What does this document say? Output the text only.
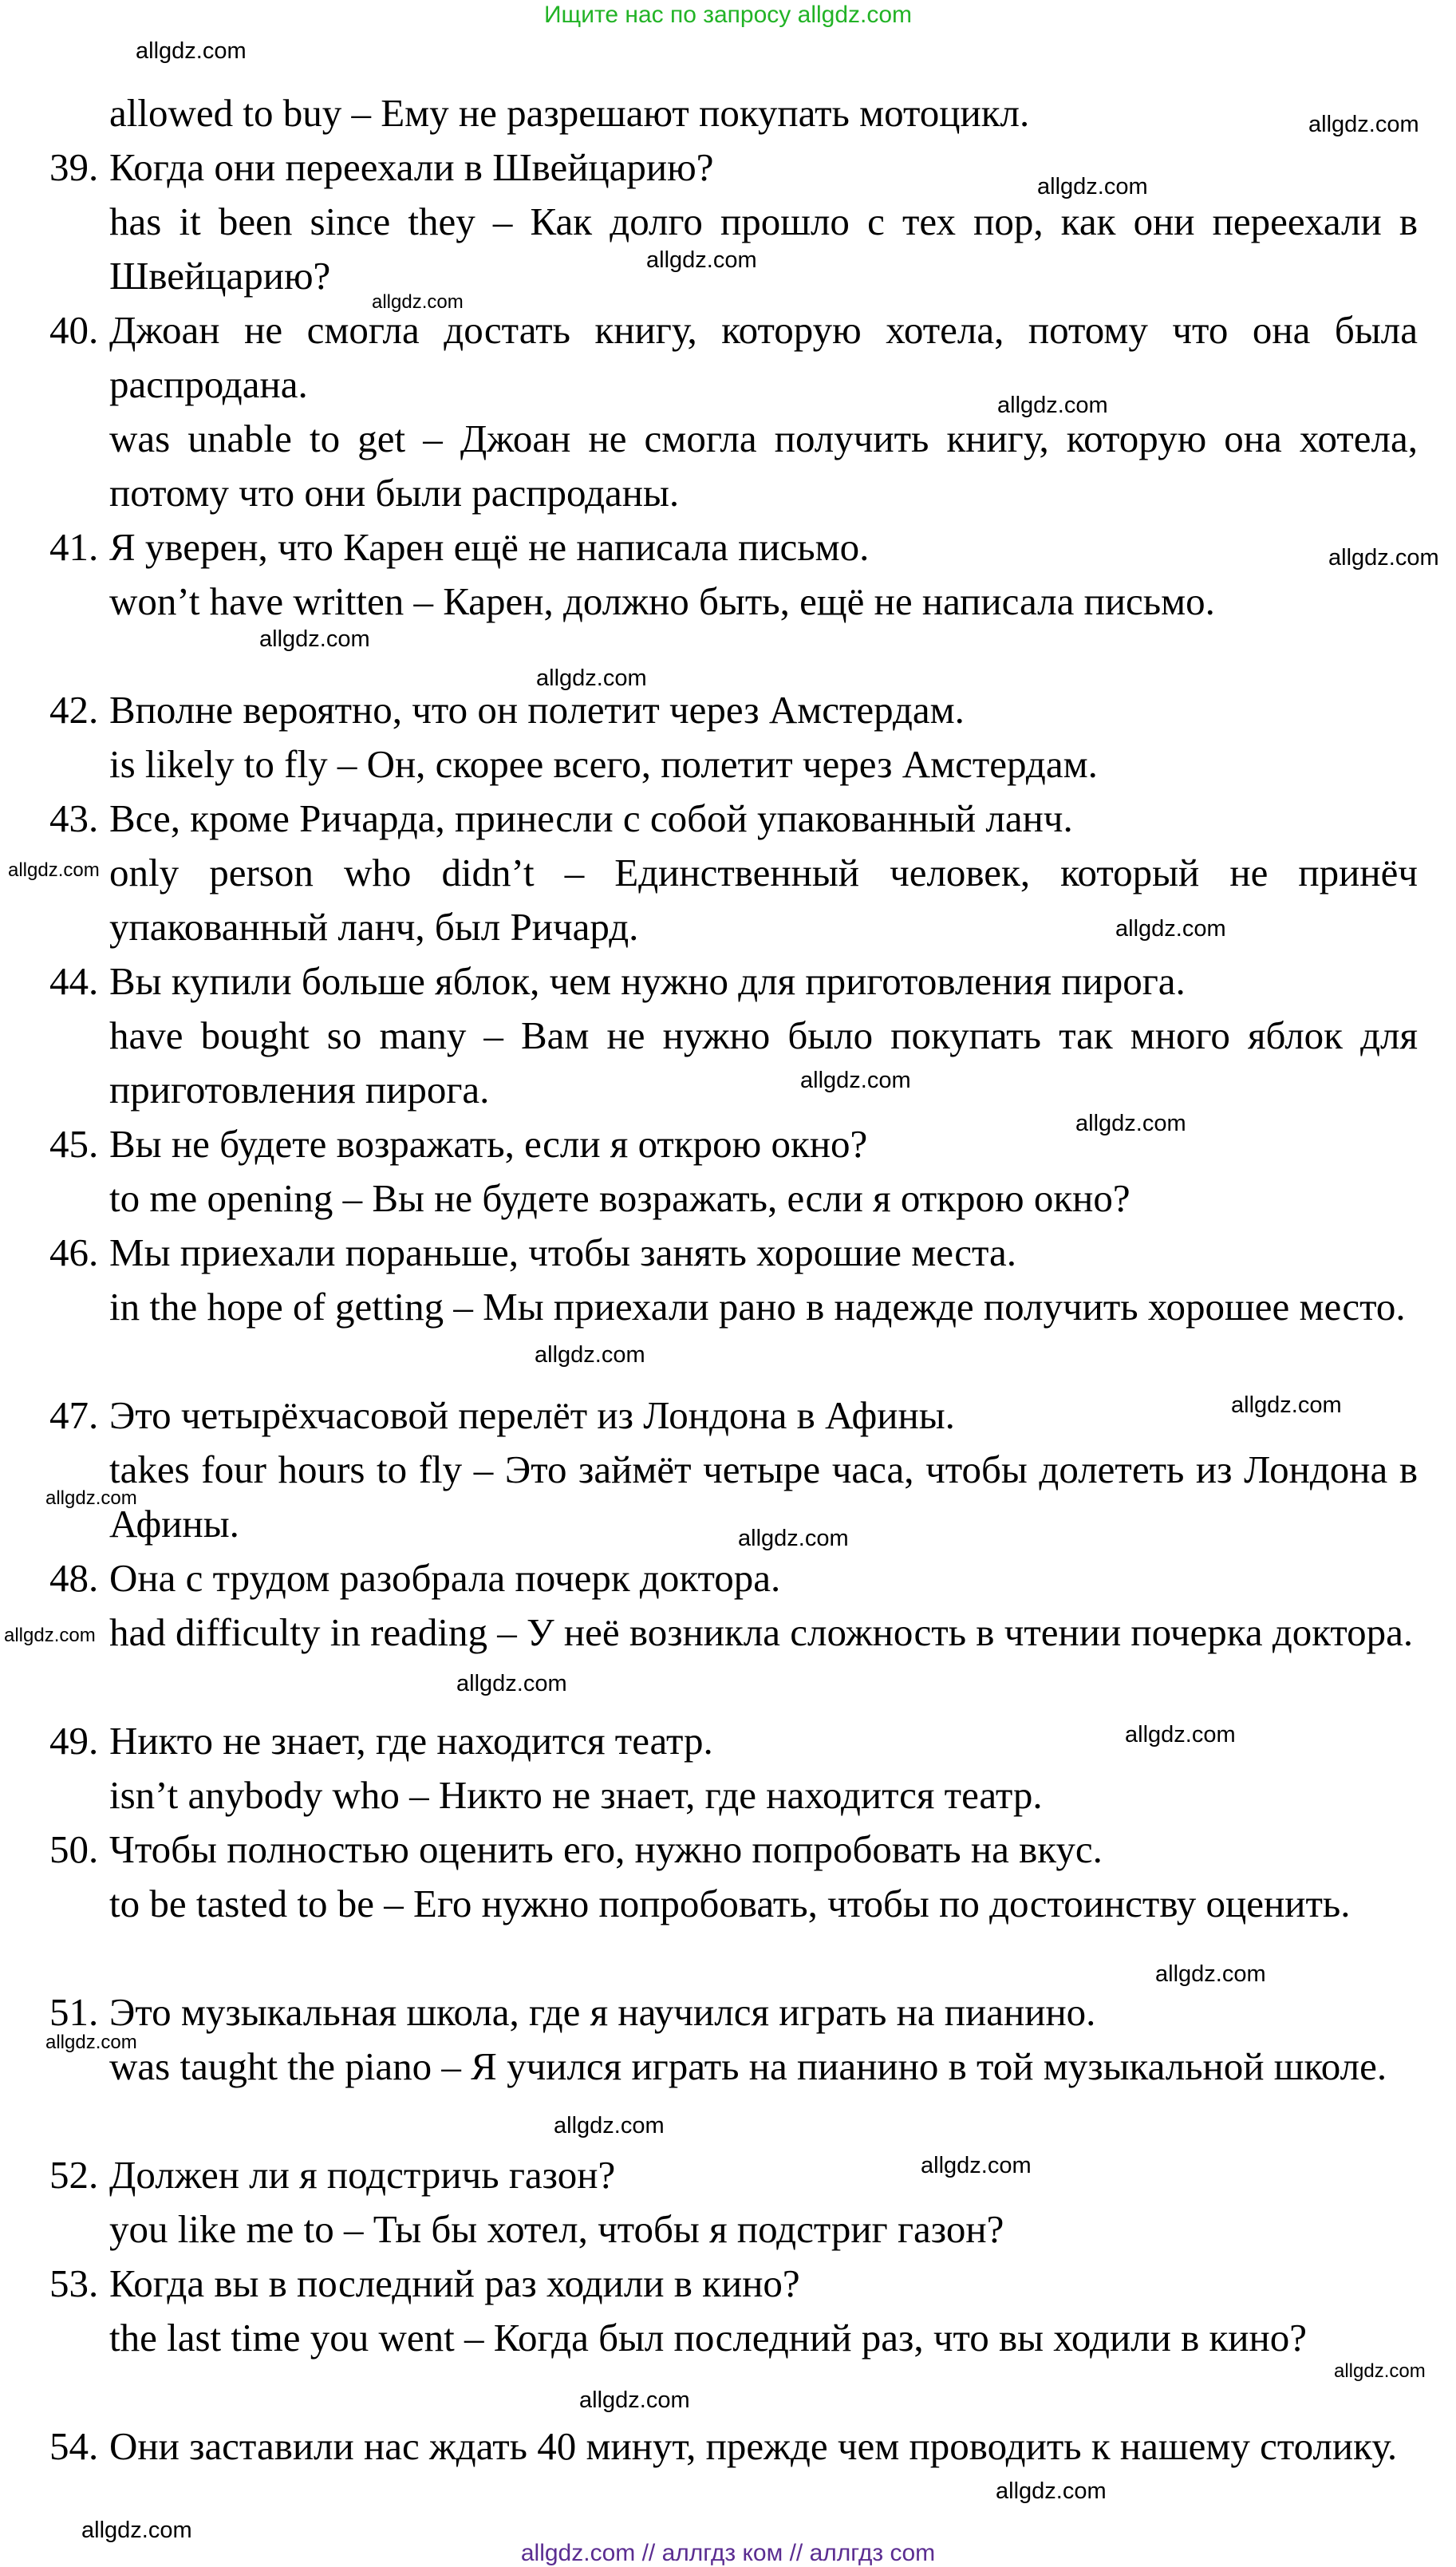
Ищите нас по запросу allgdz.com
allowed to buy – Ему не разрешают покупать мотоцикл.
39. Когда они переехали в Швейцарию?
has it been since they – Как долго прошло с тех пор, как они переехали в Швейцарию?
40. Джоан не смогла достать книгу, которую хотела, потому что она была распродана.
was unable to get – Джоан не смогла получить книгу, которую она хотела, потому что они были распроданы.
41. Я уверен, что Карен ещё не написала письмо.
won’t have written – Карен, должно быть, ещё не написала письмо.
42. Вполне вероятно, что он полетит через Амстердам.
is likely to fly – Он, скорее всего, полетит через Амстердам.
43. Все, кроме Ричарда, принесли с собой упакованный ланч.
only person who didn’t – Единственный человек, который не принёч упакованный ланч, был Ричард.
44. Вы купили больше яблок, чем нужно для приготовления пирога.
have bought so many – Вам не нужно было покупать так много яблок для приготовления пирога.
45. Вы не будете возражать, если я открою окно?
to me opening – Вы не будете возражать, если я открою окно?
46. Мы приехали пораньше, чтобы занять хорошие места.
in the hope of getting – Мы приехали рано в надежде получить хорошее место.
47. Это четырёхчасовой перелёт из Лондона в Афины.
takes four hours to fly – Это займёт четыре часа, чтобы долететь из Лондона в Афины.
48. Она с трудом разобрала почерк доктора.
had difficulty in reading – У неё возникла сложность в чтении почерка доктора.
49. Никто не знает, где находится театр.
isn’t anybody who – Никто не знает, где находится театр.
50. Чтобы полностью оценить его, нужно попробовать на вкус.
to be tasted to be – Его нужно попробовать, чтобы по достоинству оценить.
51. Это музыкальная школа, где я научился играть на пианино.
was taught the piano – Я учился играть на пианино в той музыкальной школе.
52. Должен ли я подстричь газон?
you like me to – Ты бы хотел, чтобы я подстриг газон?
53. Когда вы в последний раз ходили в кино?
the last time you went – Когда был последний раз, что вы ходили в кино?
54. Они заставили нас ждать 40 минут, прежде чем проводить к нашему столику.
allgdz.com
allgdz.com
allgdz.com
allgdz.com
allgdz.com
allgdz.com
allgdz.com
allgdz.com
allgdz.com
allgdz.com
allgdz.com
allgdz.com
allgdz.com
allgdz.com
allgdz.com
allgdz.com
allgdz.com
allgdz.com
allgdz.com
allgdz.com
allgdz.com
allgdz.com
allgdz.com
allgdz.com
allgdz.com
allgdz.com
allgdz.com
allgdz.com
allgdz.com // аллгдз ком // аллгдз com
